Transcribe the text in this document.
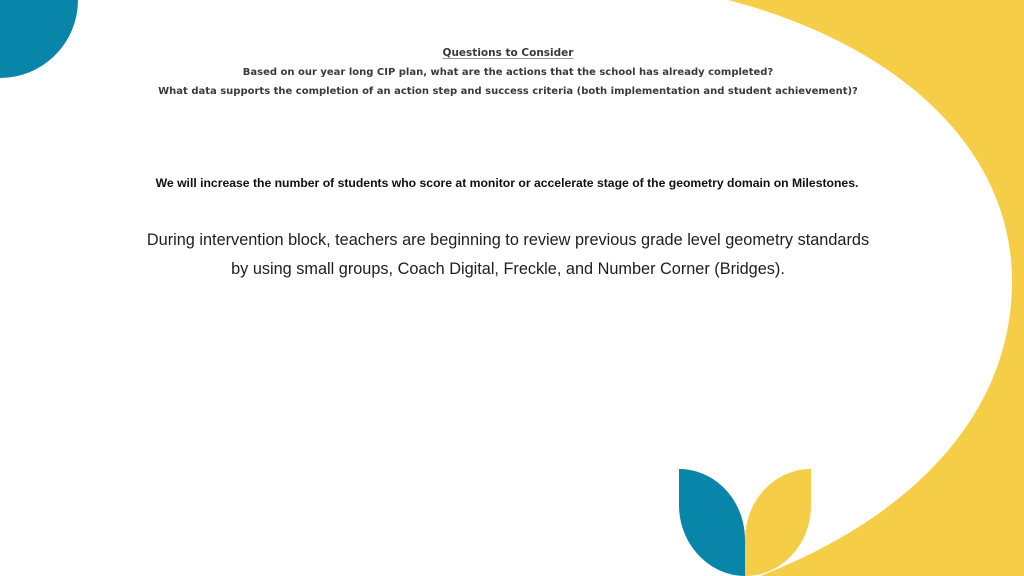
Questions to Consider
Based on our year long CIP plan, what are the actions that the school has already completed?
What data supports the completion of an action step and success criteria (both implementation and student achievement)?
We will increase the number of students who score at monitor or accelerate stage of the geometry domain on Milestones.
During intervention block, teachers are beginning to review previous grade level geometry standards
by using small groups, Coach Digital, Freckle, and Number Corner (Bridges).
